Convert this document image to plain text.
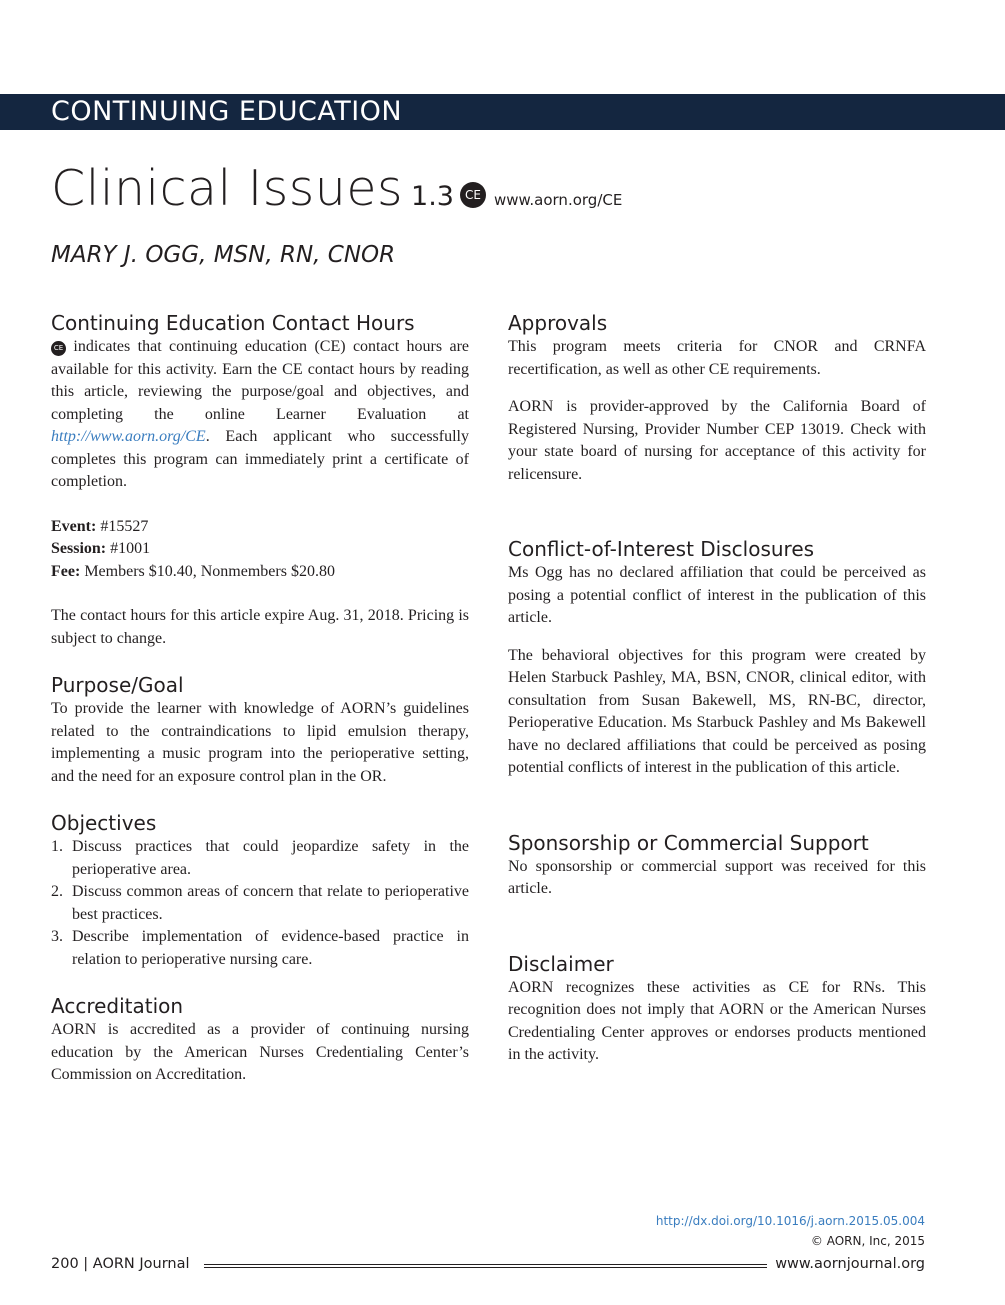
CONTINUING EDUCATION
Clinical Issues 1.3 CE www.aorn.org/CE
MARY J. OGG, MSN, RN, CNOR
Continuing Education Contact Hours

CE indicates that continuing education (CE) contact hours are available for this activity. Earn the CE contact hours by reading this article, reviewing the purpose/goal and objectives, and completing the online Learner Evaluation at http://www.aorn.org/CE. Each applicant who successfully completes this program can immediately print a certificate of completion.

Event: #15527
Session: #1001
Fee: Members $10.40, Nonmembers $20.80

The contact hours for this article expire Aug. 31, 2018. Pricing is subject to change.

Purpose/Goal

To provide the learner with knowledge of AORN’s guidelines related to the contraindications to lipid emulsion therapy, implementing a music program into the perioperative setting, and the need for an exposure control plan in the OR.

Objectives
1. Discuss practices that could jeopardize safety in the perioperative area.
2. Discuss common areas of concern that relate to perioperative best practices.
3. Describe implementation of evidence-based practice in relation to perioperative nursing care.
Accreditation

AORN is accredited as a provider of continuing nursing education by the American Nurses Credentialing Center’s Commission on Accreditation.

Approvals

This program meets criteria for CNOR and CRNFA recertification, as well as other CE requirements.

AORN is provider-approved by the California Board of Registered Nursing, Provider Number CEP 13019. Check with your state board of nursing for acceptance of this activity for relicensure.

Conflict-of-Interest Disclosures

Ms Ogg has no declared affiliation that could be perceived as posing a potential conflict of interest in the publication of this article.

The behavioral objectives for this program were created by Helen Starbuck Pashley, MA, BSN, CNOR, clinical editor, with consultation from Susan Bakewell, MS, RN-BC, director, Perioperative Education. Ms Starbuck Pashley and Ms Bakewell have no declared affiliations that could be perceived as posing potential conflicts of interest in the publication of this article.

Sponsorship or Commercial Support

No sponsorship or commercial support was received for this article.

Disclaimer

AORN recognizes these activities as CE for RNs. This recognition does not imply that AORN or the American Nurses Credentialing Center approves or endorses products mentioned in the activity.

http://dx.doi.org/10.1016/j.aorn.2015.05.004
© AORN, Inc, 2015
200 | AORN Journal	www.aornjournal.org
